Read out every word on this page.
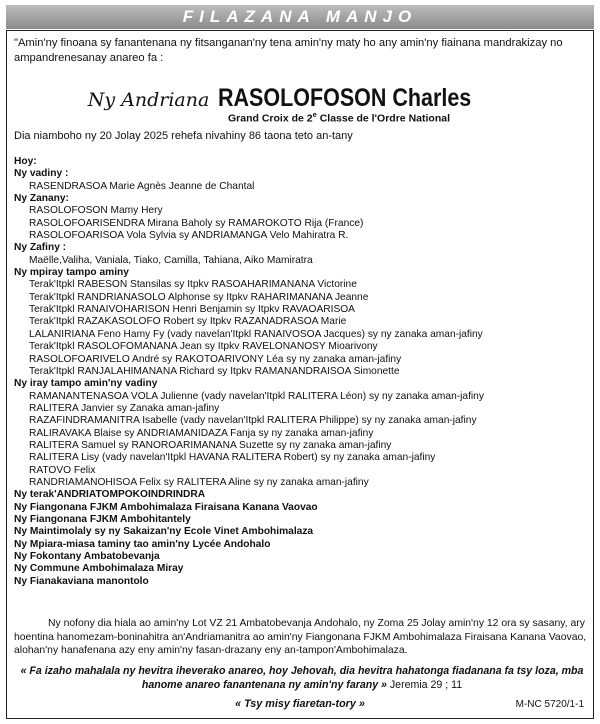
FILAZANA MANJO
"Amin'ny finoana sy fanantenana ny fitsanganan'ny tena amin'ny maty ho any amin'ny fiainana mandrakizay no ampandrenesanay anareo fa :
Ny Andriana RASOLOFOSON Charles
Grand Croix de 2e Classe de l'Ordre National
Dia niamboho ny 20 Jolay 2025 rehefa nivahiny 86 taona teto an-tany
Hoy:
Ny vadiny :
RASENDRASOA Marie Agnès Jeanne de Chantal
Ny Zanany:
RASOLOFOSON Mamy Hery
RASOLOFOARISENDRA Mirana Baholy sy RAMAROKOTO Rija (France)
RASOLOFOARISOA Vola Sylvia sy ANDRIAMANGA Velo Mahiratra R.
Ny Zafiny :
Maëlle,Valiha, Vaniala, Tiako, Camilla, Tahiana, Aiko Mamiratra
Ny mpiray tampo aminy
Terak'Itpkl RABESON Stansilas sy Itpkv RASOAHARIMANANA Victorine
Terak'Itpkl RANDRIANASOLO Alphonse sy Itpkv RAHARIMANANA Jeanne
Terak'Itpkl RANAIVOHARISON Henri Benjamin sy Itpkv RAVAOARISOA
Terak'Itpkl RAZAKASOLOFO Robert sy Itpkv RAZANADRASOA Marie
LALANIRIANA Feno Hamy Fy (vady navelan'Itpkl RANAIVOSOA Jacques) sy ny zanaka aman-jafiny
Terak'Itpkl RASOLOFOMANANA Jean sy Itpkv RAVELONANOSY Mioarivony
RASOLOFOARIVELO André sy RAKOTOARIVONY Léa sy ny zanaka aman-jafiny
Terak'Itpkl RANJALAHIMANANA Richard sy Itpkv RAMANANDRAISOA Simonette
Ny iray tampo amin'ny vadiny
RAMANANTENASOA VOLA Julienne (vady navelan'Itpkl RALITERA Léon) sy ny zanaka aman-jafiny
RALITERA Janvier sy Zanaka aman-jafiny
RAZAFINDRAMANITRA Isabelle (vady navelan'Itpkl RALITERA Philippe) sy ny zanaka aman-jafiny
RALIRAVAKA Blaise sy ANDRIAMANIDAZA Fanja sy ny zanaka aman-jafiny
RALITERA Samuel sy RANOROARIMANANA Suzette sy ny zanaka aman-jafiny
RALITERA Lisy (vady navelan'Itpkl HAVANA RALITERA Robert) sy ny zanaka aman-jafiny
RATOVO Felix
RANDRIAMANOHISOA Felix sy RALITERA Aline sy ny zanaka aman-jafiny
Ny terak'ANDRIATOMPOKOINDRINDRA
Ny Fiangonana FJKM Ambohimalaza Firaisana Kanana Vaovao
Ny Fiangonana FJKM Ambohitantely
Ny Maintimolaly sy ny Sakaizan'ny Ecole Vinet Ambohimalaza
Ny Mpiara-miasa taminy tao amin'ny Lycée Andohalo
Ny Fokontany Ambatobevanja
Ny Commune Ambohimalaza Miray
Ny Fianakaviana manontolo
Ny nofony dia hiala ao amin'ny Lot VZ 21 Ambatobevanja Andohalo, ny Zoma 25 Jolay amin'ny 12 ora sy sasany, ary hoentina hanomezam-boninahitra an'Andriamanitra ao amin'ny Fiangonana FJKM Ambohimalaza Firaisana Kanana Vaovao, alohan'ny hanafenana azy eny amin'ny fasan-drazany eny an-tampon'Ambohimalaza.
« Fa izaho mahalala ny hevitra iheverako anareo, hoy Jehovah, dia hevitra hahatonga fiadanana fa tsy loza, mba hanome anareo fanantenana ny amin'ny farany » Jeremia 29 ; 11
« Tsy misy fiaretan-tory »	M-NC 5720/1-1
